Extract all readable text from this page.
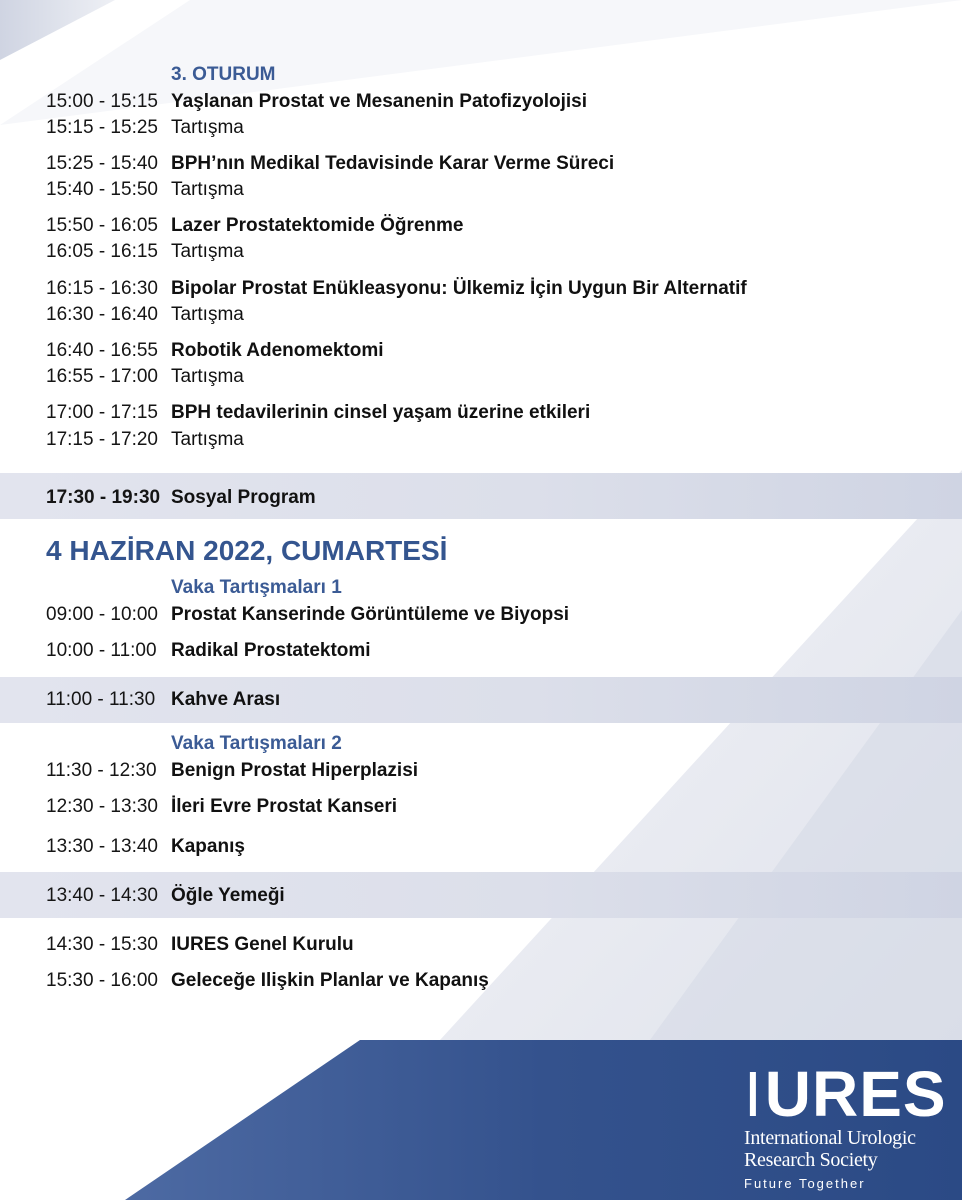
3. OTURUM
15:00 - 15:15 Yaşlanan Prostat ve Mesanenin Patofizyolojisi
15:15 - 15:25 Tartışma
15:25 - 15:40 BPH’nın Medikal Tedavisinde Karar Verme Süreci
15:40 - 15:50 Tartışma
15:50 - 16:05 Lazer Prostatektomide Öğrenme
16:05 - 16:15 Tartışma
16:15 - 16:30 Bipolar Prostat Enükleasyonu: Ülkemiz İçin Uygun Bir Alternatif
16:30 - 16:40 Tartışma
16:40 - 16:55 Robotik Adenomektomi
16:55 - 17:00 Tartışma
17:00 - 17:15 BPH tedavilerinin cinsel yaşam üzerine etkileri
17:15 - 17:20 Tartışma
17:30 - 19:30 Sosyal Program
4 HAZİRAN 2022, CUMARTESİ
Vaka Tartışmaları 1
09:00 - 10:00 Prostat Kanserinde Görüntüleme ve Biyopsi
10:00 - 11:00 Radikal Prostatektomi
11:00 - 11:30 Kahve Arası
Vaka Tartışmaları 2
11:30 - 12:30 Benign Prostat Hiperplazisi
12:30 - 13:30 İleri Evre Prostat Kanseri
13:30 - 13:40 Kapanış
13:40 - 14:30 Öğle Yemeği
14:30 - 15:30 IURES Genel Kurulu
15:30 - 16:00 Geleceğe Ilişkin Planlar ve Kapanış
IURES
International Urologic
Research Society
Future Together
